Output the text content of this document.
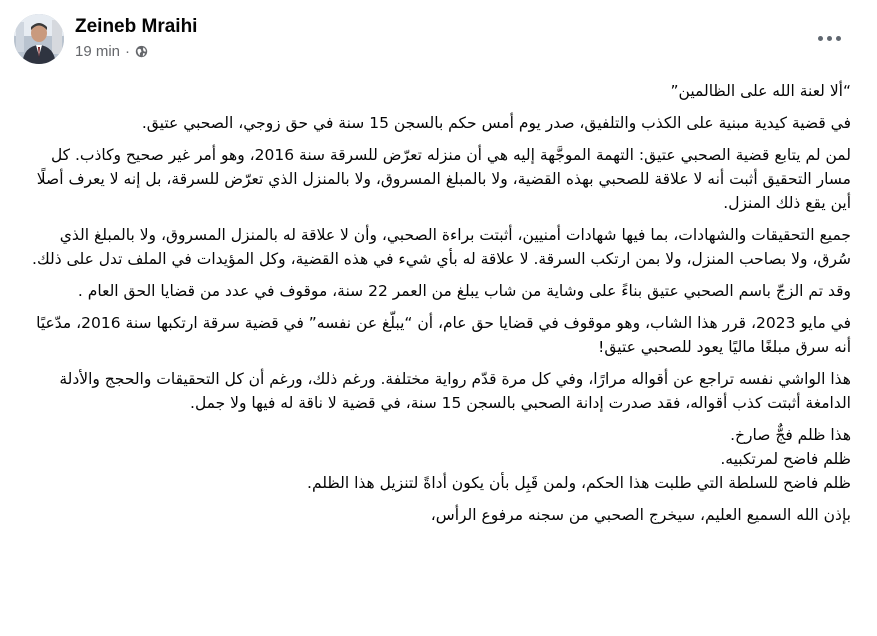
Zeineb Mraihi
19 min ·

“ألا لعنة الله على الظالمين”

في قضية كيدية مبنية على الكذب والتلفيق، صدر يوم أمس حكم بالسجن 15 سنة في حق زوجي، الصحبي عتيق.

لمن لم يتابع قضية الصحبي عتيق: التهمة الموجَّهة إليه هي أن منزله تعرّض للسرقة سنة 2016، وهو أمر غير صحيح وكاذب. كل مسار التحقيق أثبت أنه لا علاقة للصحبي بهذه القضية، ولا بالمبلغ المسروق، ولا بالمنزل الذي تعرّض للسرقة، بل إنه لا يعرف أصلًا أين يقع ذلك المنزل.

جميع التحقيقات والشهادات، بما فيها شهادات أمنيين، أثبتت براءة الصحبي، وأن لا علاقة له بالمنزل المسروق، ولا بالمبلغ الذي سُرق، ولا بصاحب المنزل، ولا بمن ارتكب السرقة. لا علاقة له بأي شيء في هذه القضية، وكل المؤيدات في الملف تدل على ذلك.

وقد تم الزجّ باسم الصحبي عتيق بناءً على وشاية من شاب يبلغ من العمر 22 سنة، موقوف في عدد من قضايا الحق العام .

في مايو 2023، قرر هذا الشاب، وهو موقوف في قضايا حق عام، أن “يبلّغ عن نفسه” في قضية سرقة ارتكبها سنة 2016، مدّعيًا أنه سرق مبلغًا ماليًا يعود للصحبي عتيق!

هذا الواشي نفسه تراجع عن أقواله مرارًا، وفي كل مرة قدّم رواية مختلفة. ورغم ذلك، ورغم أن كل التحقيقات والحجج والأدلة الدامغة أثبتت كذب أقواله، فقد صدرت إدانة الصحبي بالسجن 15 سنة، في قضية لا ناقة له فيها ولا جمل.

هذا ظلم فجٌّ صارخ.
ظلم فاضح لمرتكبيه.
ظلم فاضح للسلطة التي طلبت هذا الحكم، ولمن قَبِل بأن يكون أداةً لتنزيل هذا الظلم.

بإذن الله السميع العليم، سيخرج الصحبي من سجنه مرفوع الرأس،
